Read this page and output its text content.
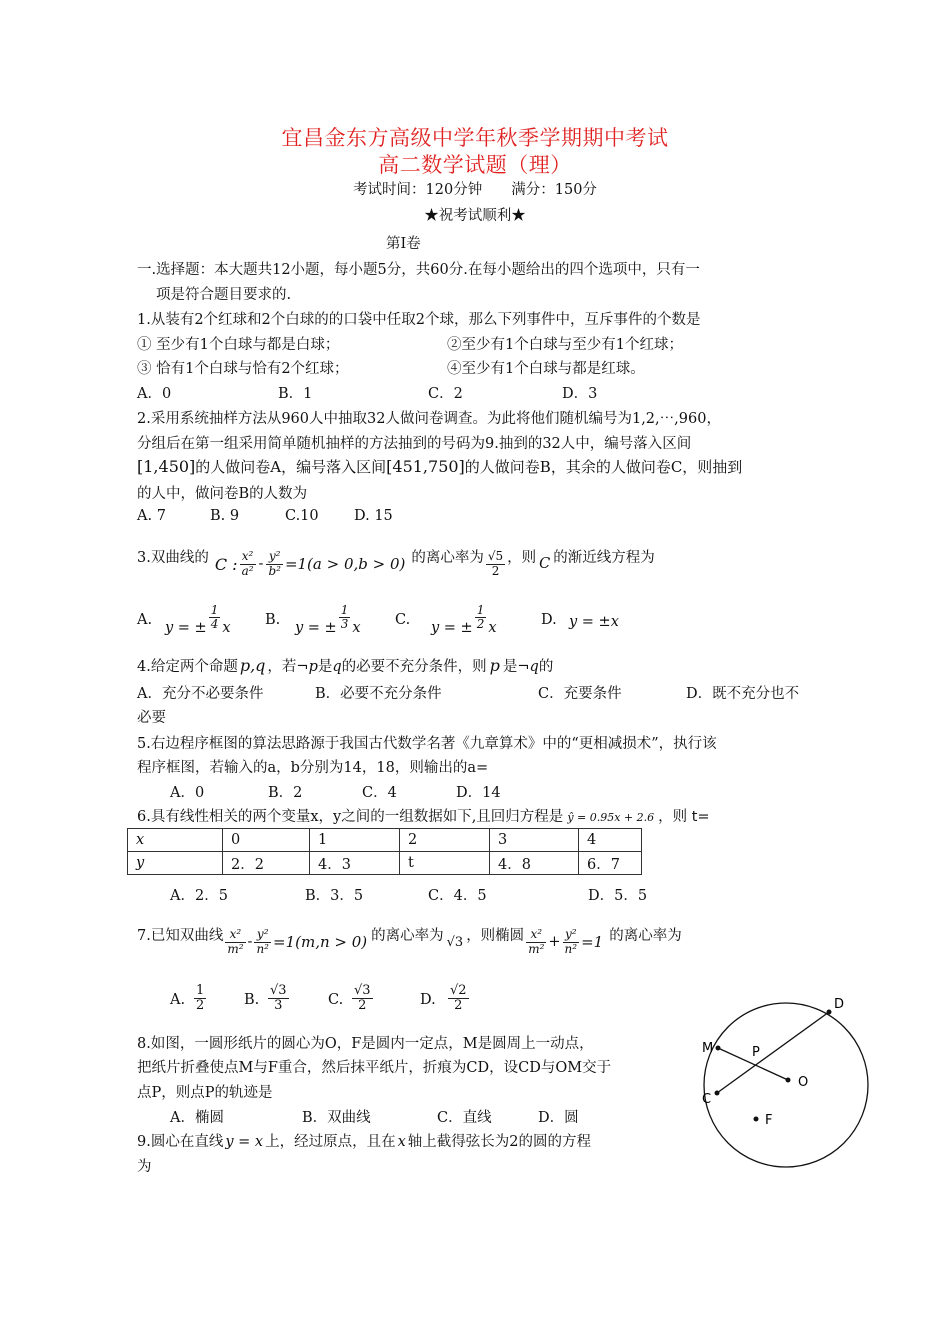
宜昌金东方高级中学年秋季学期期中考试
高二数学试题（理）
考试时间：120分钟　　满分：150分
★祝考试顺利★
第Ⅰ卷
一.选择题：本大题共12小题，每小题5分，共60分.在每小题给出的四个选项中，只有一
项是符合题目要求的.
1.从装有2个红球和2个白球的的口袋中任取2个球，那么下列事件中，互斥事件的个数是
① 至少有1个白球与都是白球；	②至少有1个白球与至少有1个红球；
③ 恰有1个白球与恰有2个红球；	④至少有1个白球与都是红球。
A．0	B．1	C．2	D．3
2.采用系统抽样方法从960人中抽取32人做问卷调查。为此将他们随机编号为1,2,⋯,960，
分组后在第一组采用简单随机抽样的方法抽到的号码为9.抽到的32人中，编号落入区间
[1,450]的人做问卷A，编号落入区间[451,750]的人做问卷B，其余的人做问卷C，则抽到
的人中，做问卷B的人数为
A. 7	B. 9	C.10 D. 15
3.双曲线的 C : $\frac{\text{x²}}{\text{a²}} - \frac{\text{y²}}{\text{b²}} =1(a > 0,b > 0)$ 的离心率为 $\frac{√5}{2}$ ，则 C 的渐近线方程为
A. y = ± $\frac{1}{4}$ x B. y = ± $\frac{1}{3}$ x C. y = ± $\frac{1}{2}$ x	D. y = ±x
4.给定两个命题 p,q ，若¬p是q的必要不充分条件，则 p 是¬q的
A．充分不必要条件	B．必要不充分条件	C．充要条件	D．既不充分也不
必要
5.右边程序框图的算法思路源于我国古代数学名著《九章算术》中的“更相减损术”，执行该
程序框图，若输入的a，b分别为14，18，则输出的a=
A．0	B．2	C．4	D．14
6.具有线性相关的两个变量x，y之间的一组数据如下,且回归方程是 ŷ = 0.95x + 2.6 ，则 t=
x	0	1	2	3	4
y	2．2	4．3	t	4．8	6．7
A．2．5	B．3．5	C．4．5	D．5．5
7.已知双曲线 $\frac{\text{x²}}{\text{m²}} - \frac{\text{y²}}{\text{n²}} =1(m,n > 0)$ 的离心率为 √3 ，则椭圆 $\frac{\text{x²}}{\text{m²}} + \frac{\text{y²}}{\text{n²}} =1$ 的离心率为
A. $\frac{1}{2}$	B. $\frac{√3}{3}$	C. $\frac{√3}{2}$	D. $\frac{√2}{2}$
8.如图，一圆形纸片的圆心为O，F是圆内一定点，M是圆周上一动点，
把纸片折叠使点M与F重合，然后抹平纸片，折痕为CD，设CD与OM交于
点P，则点P的轨迹是
A．椭圆	B．双曲线	C．直线	D．圆
D
M	P
O
C
F
9.圆心在直线 y = x 上，经过原点，且在 x 轴上截得弦长为2的圆的方程
为
